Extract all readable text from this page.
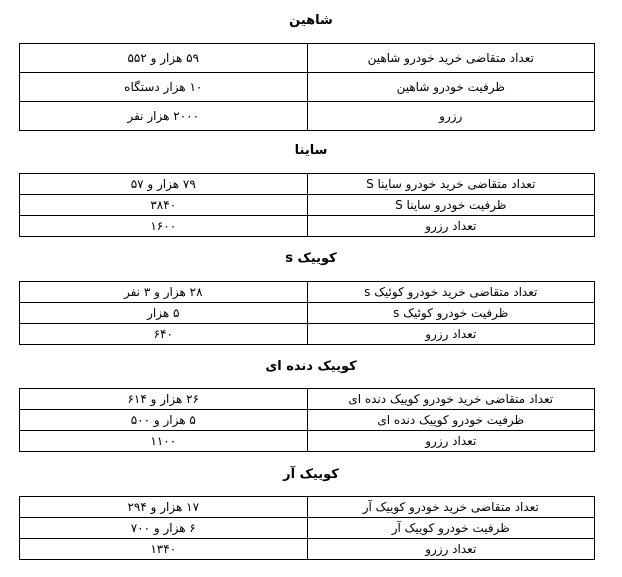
شاهین
تعداد متقاضی خرید خودرو شاهین	۵۹ هزار و ۵۵۲
ظرفیت خودرو شاهین	۱۰ هزار دستگاه
رزرو	۲۰۰۰ هزار نفر
ساینا
تعداد متقاضی خرید خودرو ساینا S	۷۹ هزار و ۵۷
ظرفیت خودرو ساینا S	۳۸۴۰
تعداد رزرو	۱۶۰۰
کوییک s
تعداد متقاضی خرید خودرو کوئیک s	۲۸ هزار و ۳ نفر
ظرفیت خودرو کوئیک s	۵ هزار
تعداد رزرو	۶۴۰
کوییک دنده ای
تعداد متقاضی خرید خودرو کوییک دنده ای	۲۶ هزار و ۶۱۴
ظرفیت خودرو کوییک دنده ای	۵ هزار و ۵۰۰
تعداد رزرو	۱۱۰۰
کوییک آر
تعداد متقاضی خرید خودرو کوییک آر	۱۷ هزار و ۲۹۴
ظرفیت خودرو کوییک آر	۶ هزار و ۷۰۰
تعداد رزرو	۱۳۴۰
